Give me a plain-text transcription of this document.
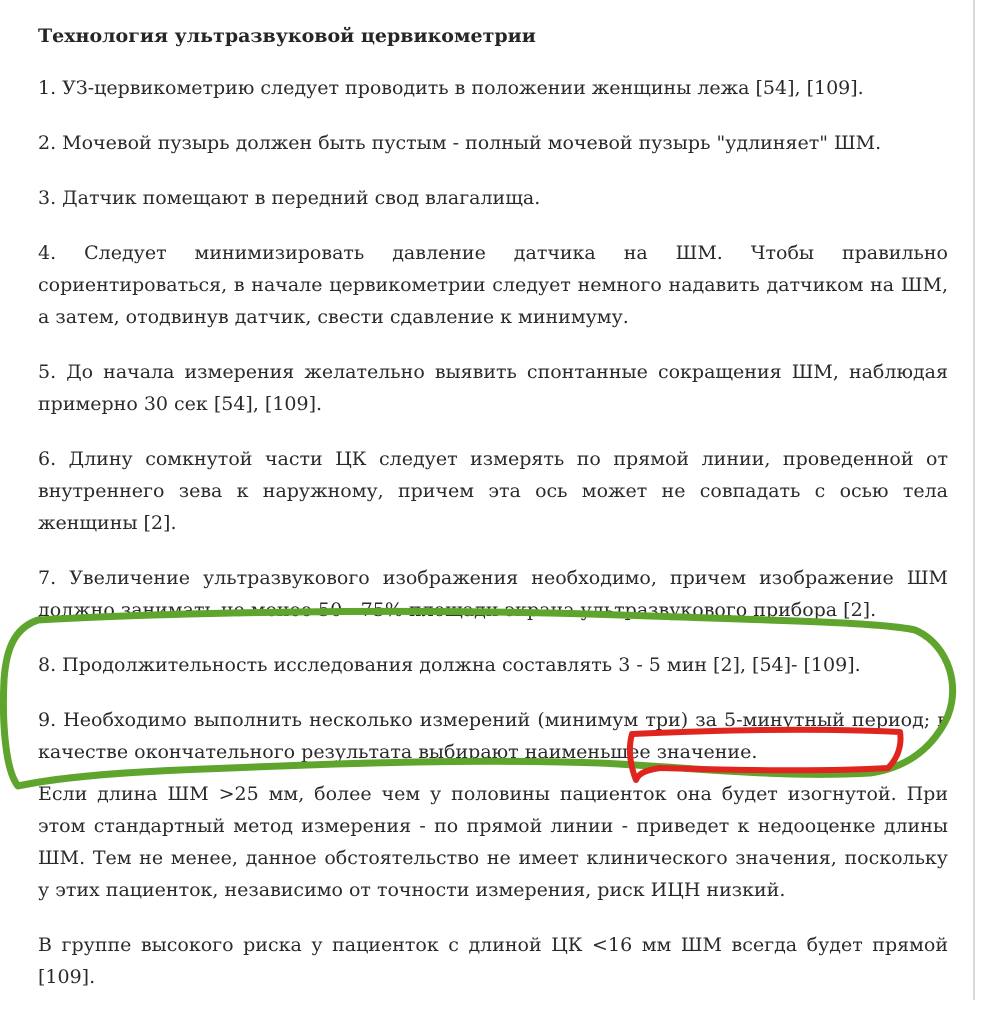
Технология ультразвуковой цервикометрии
1. УЗ-цервикометрию следует проводить в положении женщины лежа [54], [109].
2. Мочевой пузырь должен быть пустым - полный мочевой пузырь "удлиняет" ШМ.
3. Датчик помещают в передний свод влагалища.
4. Следует минимизировать давление датчика на ШМ. Чтобы правильно сориентироваться, в начале цервикометрии следует немного надавить датчиком на ШМ, а затем, отодвинув датчик, свести сдавление к минимуму.
5. До начала измерения желательно выявить спонтанные сокращения ШМ, наблюдая примерно 30 сек [54], [109].
6. Длину сомкнутой части ЦК следует измерять по прямой линии, проведенной от внутреннего зева к наружному, причем эта ось может не совпадать с осью тела женщины [2].
7. Увеличение ультразвукового изображения необходимо, причем изображение ШМ должно занимать не менее 50 - 75% площади экрана ультразвукового прибора [2].
8. Продолжительность исследования должна составлять 3 - 5 мин [2], [54]- [109].
9. Необходимо выполнить несколько измерений (минимум три) за 5-минутный период; в качестве окончательного результата выбирают наименьшее значение.
Если длина ШМ >25 мм, более чем у половины пациенток она будет изогнутой. При этом стандартный метод измерения - по прямой линии - приведет к недооценке длины ШМ. Тем не менее, данное обстоятельство не имеет клинического значения, поскольку у этих пациенток, независимо от точности измерения, риск ИЦН низкий.
В группе высокого риска у пациенток с длиной ЦК <16 мм ШМ всегда будет прямой [109].
